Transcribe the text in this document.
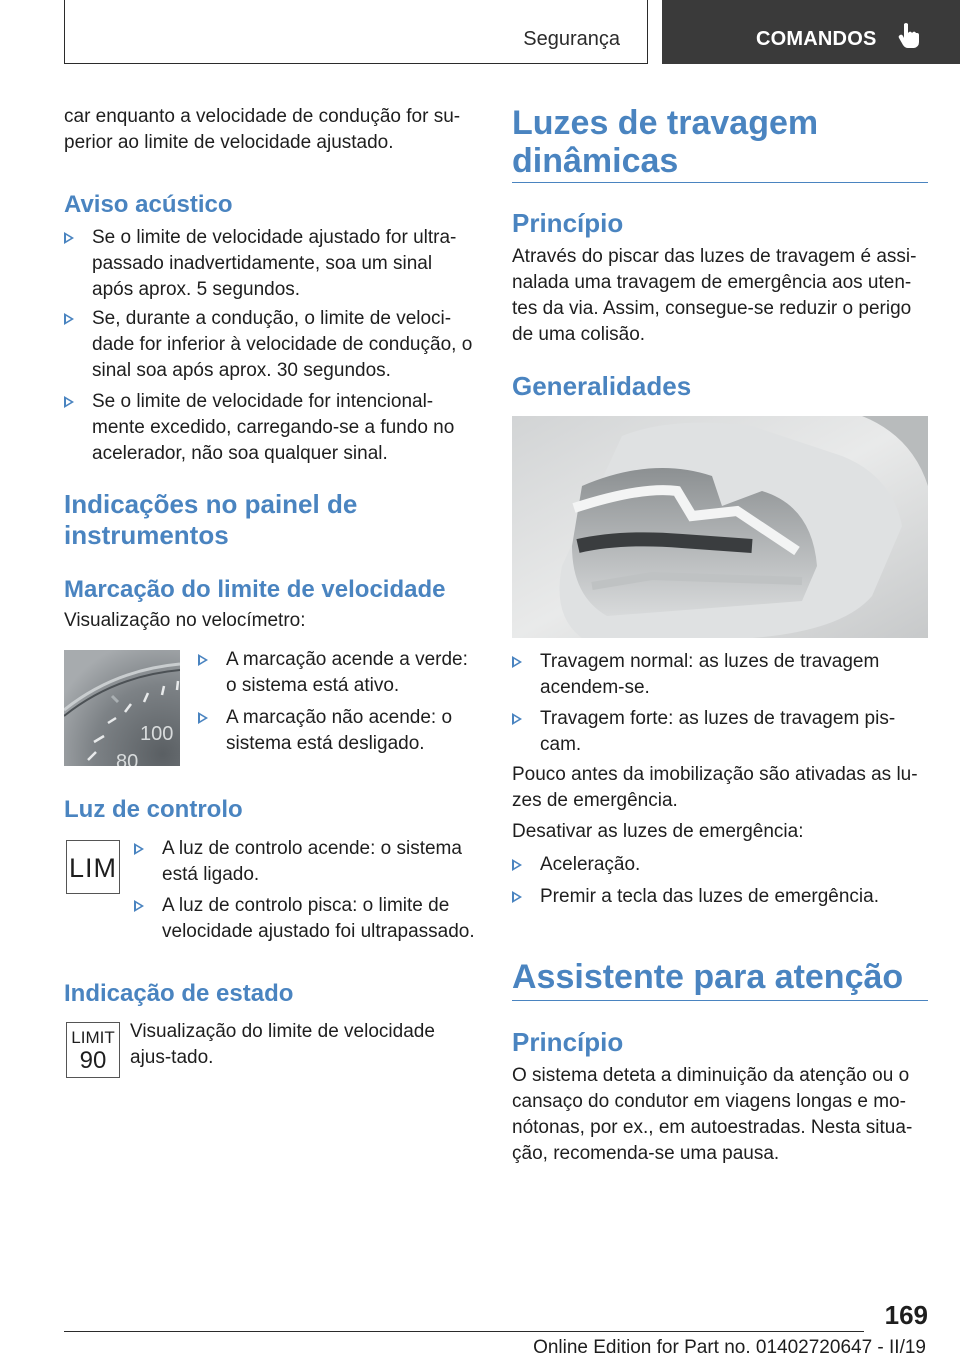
Segurança	COMANDOS

car enquanto a velocidade de condução for su-perior ao limite de velocidade ajustado.

Aviso acústico

Se o limite de velocidade ajustado for ultra-passado inadvertidamente, soa um sinal após aprox. 5 segundos.
Se, durante a condução, o limite de veloci-dade for inferior à velocidade de condução, o sinal soa após aprox. 30 segundos.
Se o limite de velocidade for intencional-mente excedido, carregando-se a fundo no acelerador, não soa qualquer sinal.

Indicações no painel de instrumentos

Marcação do limite de velocidade

Visualização no velocímetro:

A marcação acende a verde: o sistema está ativo.
A marcação não acende: o sistema está desligado.

Luz de controlo

LIM
A luz de controlo acende: o sistema está ligado.
A luz de controlo pisca: o limite de velocidade ajustado foi ultrapassado.

Indicação de estado

LIMIT
90

Visualização do limite de velocidade ajus-tado.

100
80

Luzes de travagem dinâmicas

Princípio

Através do piscar das luzes de travagem é assi-nalada uma travagem de emergência aos uten-tes da via. Assim, consegue-se reduzir o perigo de uma colisão.

Generalidades

Travagem normal: as luzes de travagem acendem-se.
Travagem forte: as luzes de travagem pis-cam.

Pouco antes da imobilização são ativadas as lu-zes de emergência.

Desativar as luzes de emergência:

Aceleração.
Premir a tecla das luzes de emergência.

Assistente para atenção

Princípio

O sistema deteta a diminuição da atenção ou o cansaço do condutor em viagens longas e mo-nótonas, por ex., em autoestradas. Nesta situa-ção, recomenda-se uma pausa.

169
Online Edition for Part no. 01402720647 - II/19
